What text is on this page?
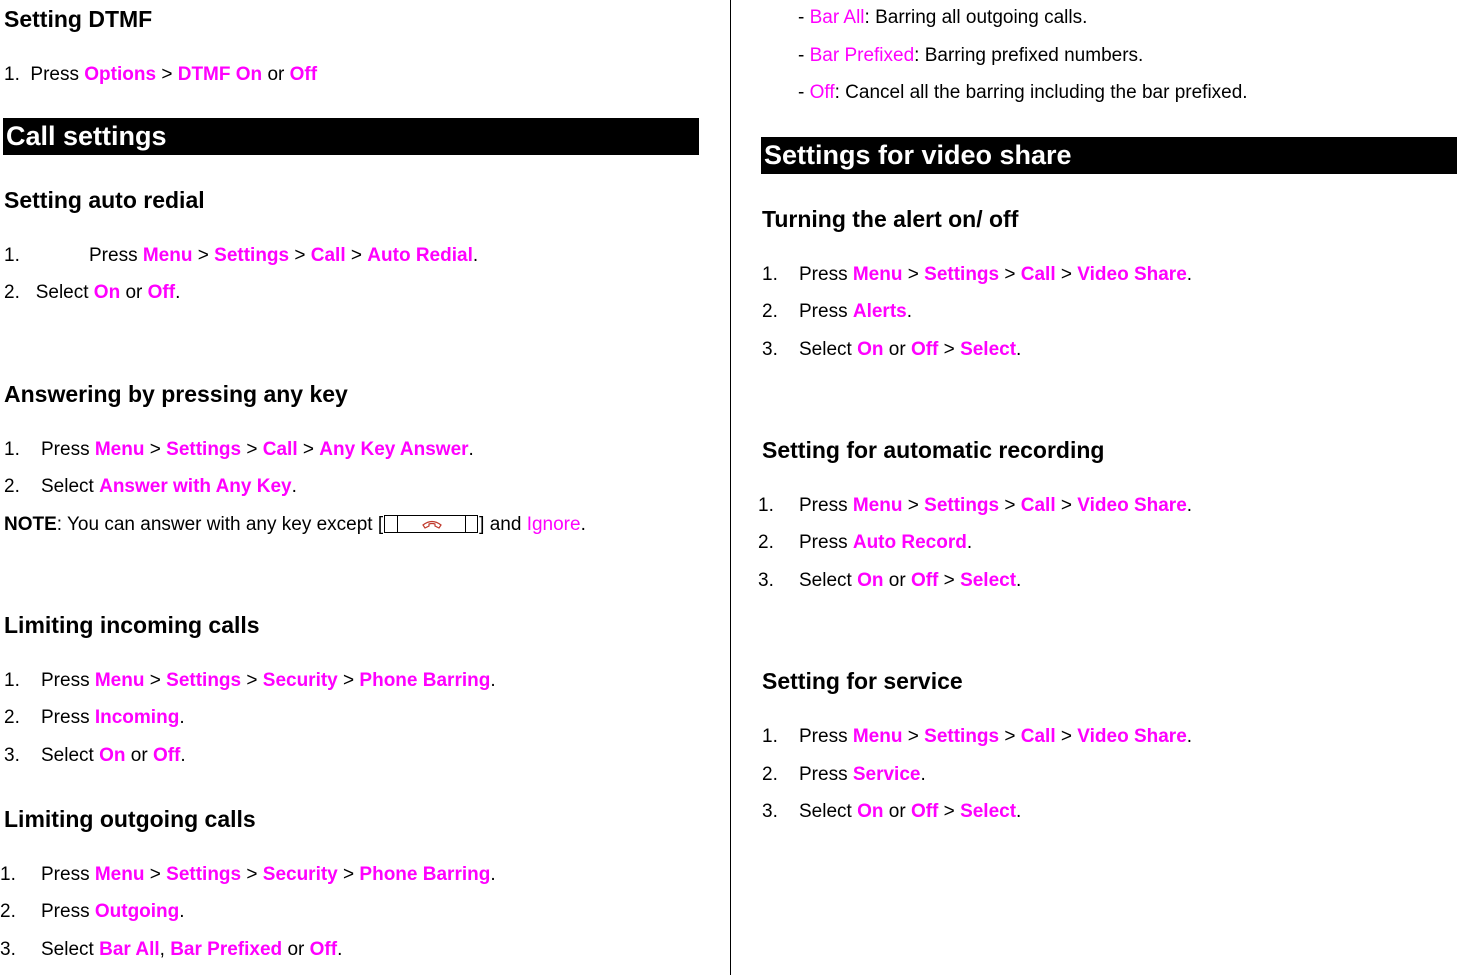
Setting DTMF
1. Press Options > DTMF On or Off
Call settings
Setting auto redial
1.	Press Menu > Settings > Call > Auto Redial.
2. Select On or Off.
Answering by pressing any key
1. Press Menu > Settings > Call > Any Key Answer.
2. Select Answer with Any Key.
NOTE: You can answer with any key except [	] and Ignore.
Limiting incoming calls
1. Press Menu > Settings > Security > Phone Barring.
2. Press Incoming.
3. Select On or Off.
Limiting outgoing calls
1. Press Menu > Settings > Security > Phone Barring.
2. Press Outgoing.
3. Select Bar All, Bar Prefixed or Off.
- Bar All: Barring all outgoing calls.
- Bar Prefixed: Barring prefixed numbers.
- Off: Cancel all the barring including the bar prefixed.
Settings for video share
Turning the alert on/ off
1. Press Menu > Settings > Call > Video Share.
2. Press Alerts.
3. Select On or Off > Select.
Setting for automatic recording
1. Press Menu > Settings > Call > Video Share.
2. Press Auto Record.
3. Select On or Off > Select.
Setting for service
1. Press Menu > Settings > Call > Video Share.
2. Press Service.
3. Select On or Off > Select.
